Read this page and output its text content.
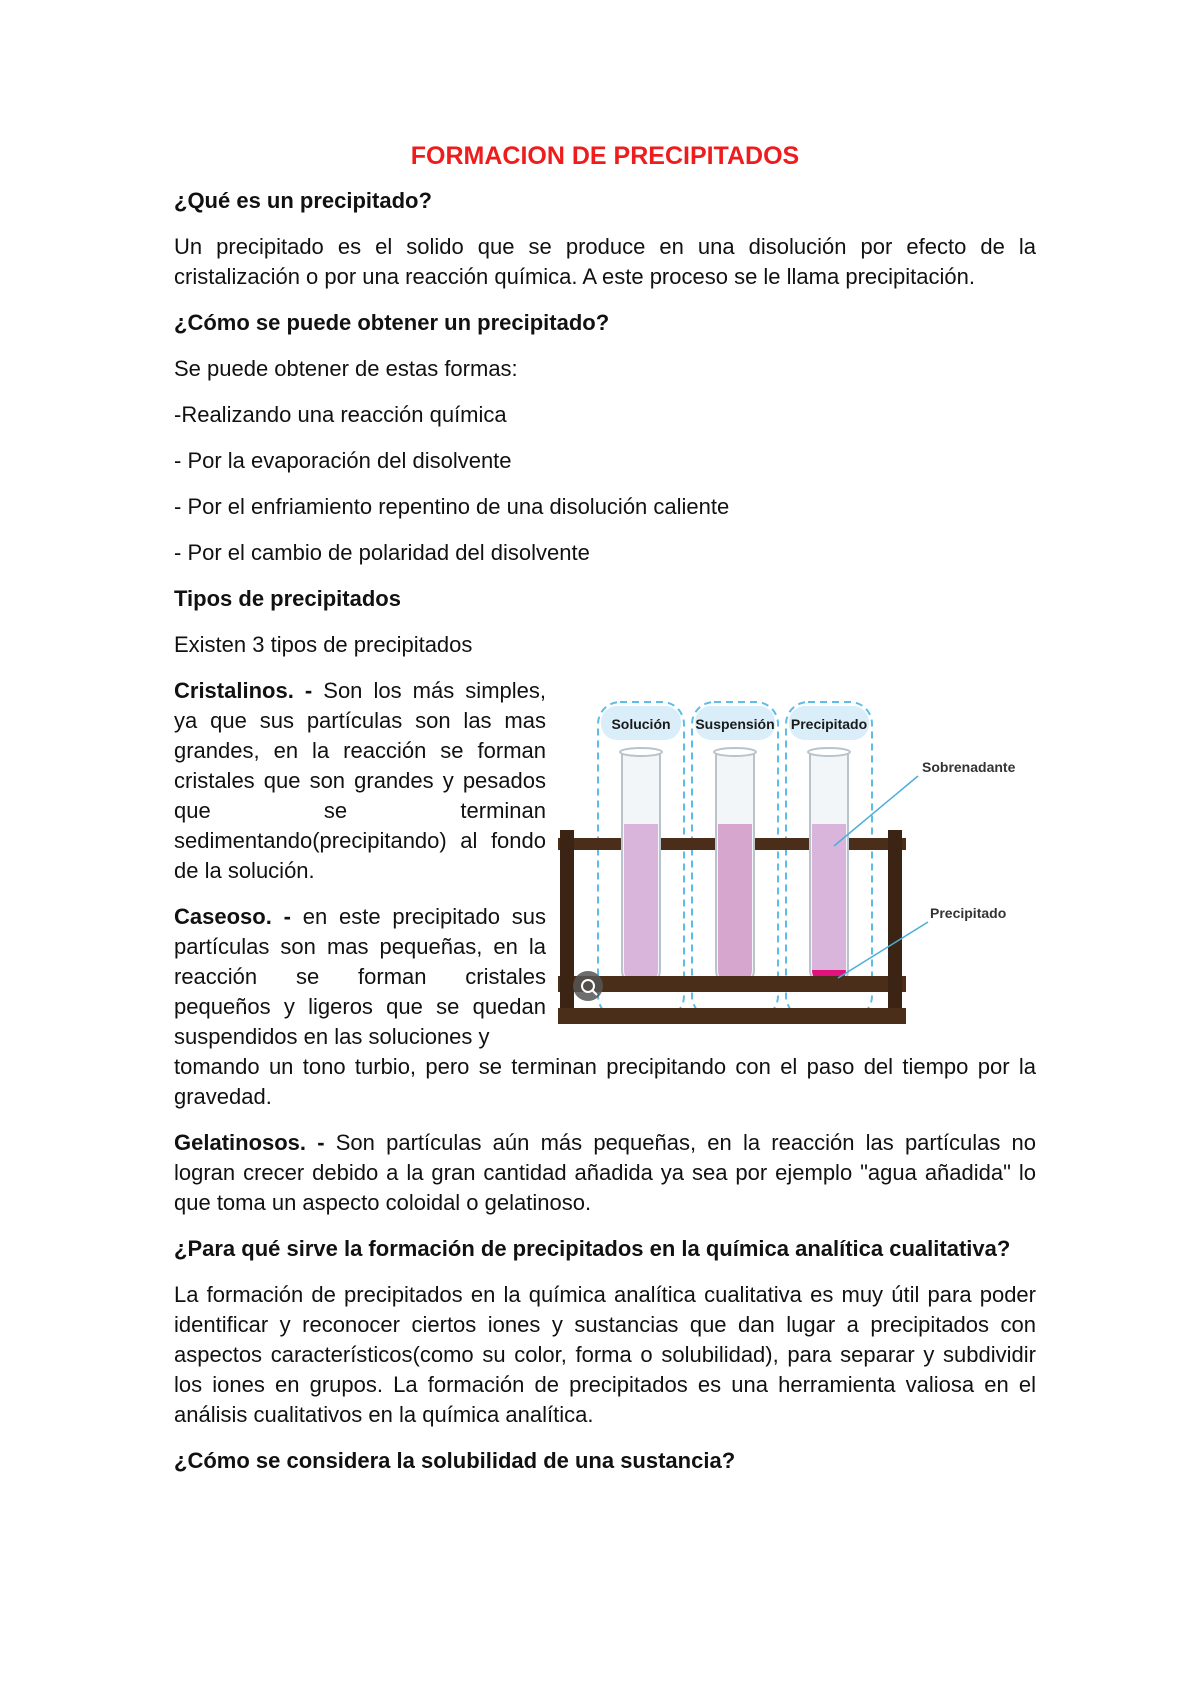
FORMACION DE PRECIPITADOS

¿Qué es un precipitado?

Un precipitado es el solido que se produce en una disolución por efecto de la cristalización o por una reacción química. A este proceso se le llama precipitación.

¿Cómo se puede obtener un precipitado?

Se puede obtener de estas formas:

-Realizando una reacción química

- Por la evaporación del disolvente

- Por el enfriamiento repentino de una disolución caliente

- Por el cambio de polaridad del disolvente

Tipos de precipitados

Existen 3 tipos de precipitados

Solución Suspensión Precipitado
Sobrenadante
Precipitado

Cristalinos. - Son los más simples, ya que sus partículas son las mas grandes, en la reacción se forman cristales que son grandes y pesados que se terminan sedimentando(precipitando) al fondo de la solución.

Caseoso. - en este precipitado sus partículas son mas pequeñas, en la reacción se forman cristales pequeños y ligeros que se quedan suspendidos en las soluciones y

tomando un tono turbio, pero se terminan precipitando con el paso del tiempo por la gravedad.

Gelatinosos. - Son partículas aún más pequeñas, en la reacción las partículas no logran crecer debido a la gran cantidad añadida ya sea por ejemplo "agua añadida" lo que toma un aspecto coloidal o gelatinoso.

¿Para qué sirve la formación de precipitados en la química analítica cualitativa?

La formación de precipitados en la química analítica cualitativa es muy útil para poder identificar y reconocer ciertos iones y sustancias que dan lugar a precipitados con aspectos característicos(como su color, forma o solubilidad), para separar y subdividir los iones en grupos. La formación de precipitados es una herramienta valiosa en el análisis cualitativos en la química analítica.

¿Cómo se considera la solubilidad de una sustancia?
